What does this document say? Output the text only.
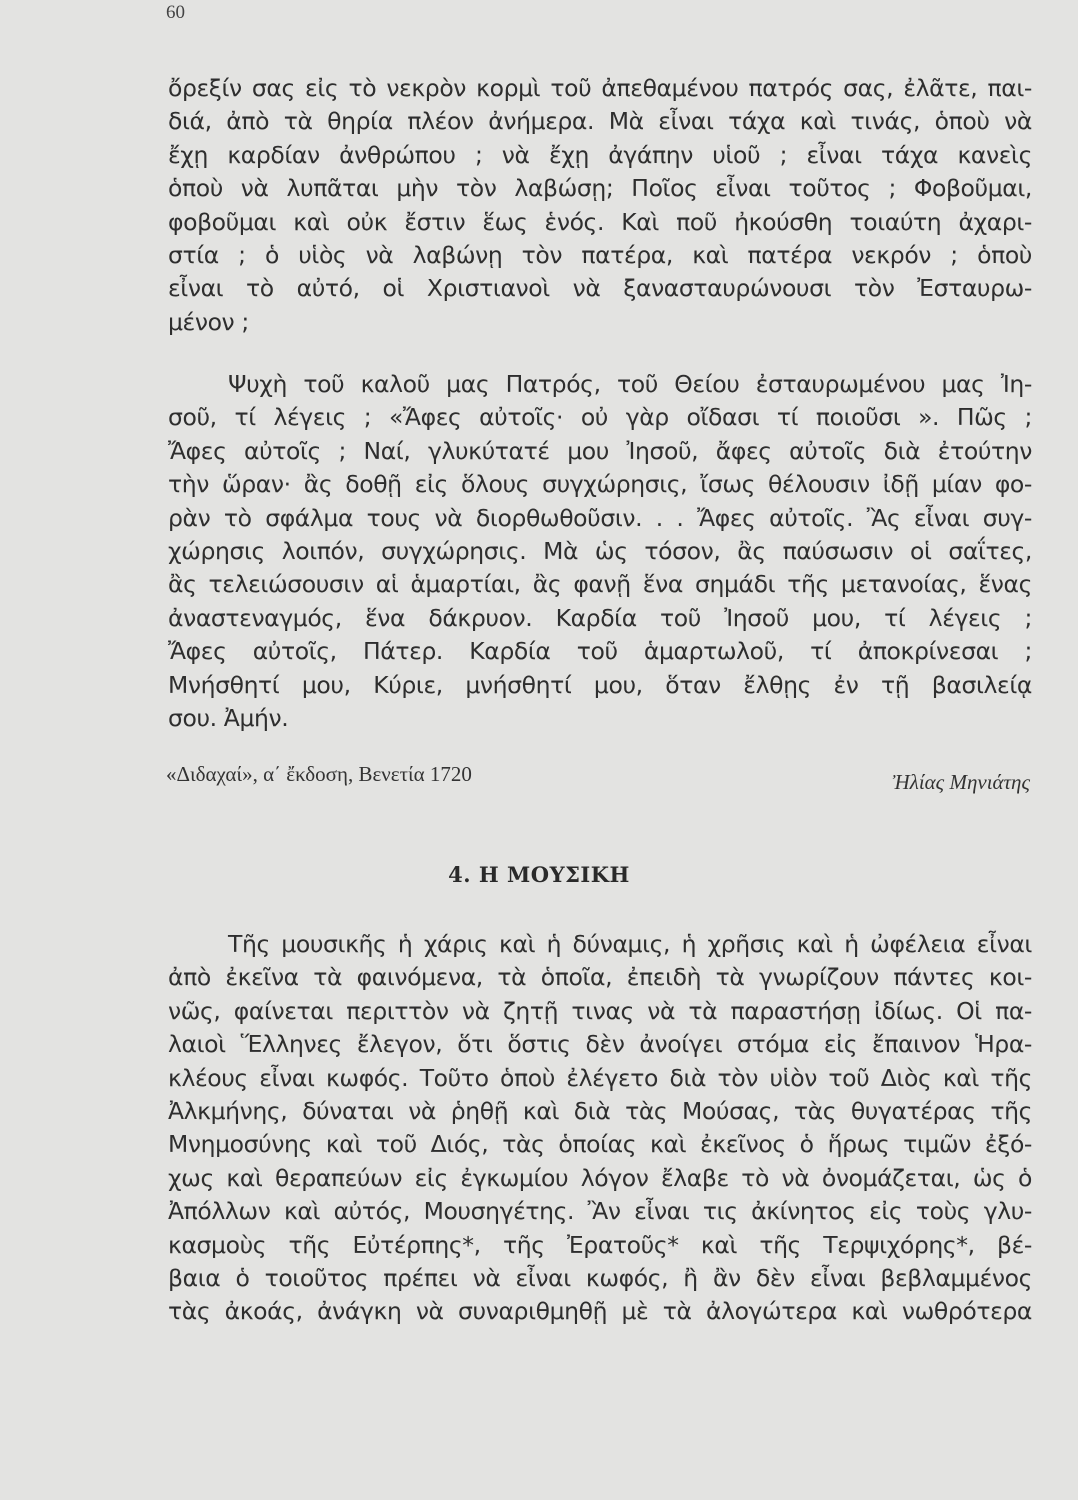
60
ὄρεξίν σας εἰς τὸ νεκρὸν κορμὶ τοῦ ἀπεθαμένου πατρός σας, ἐλᾶτε, παι-
διά, ἀπὸ τὰ θηρία πλέον ἀνήμερα. Μὰ εἶναι τάχα καὶ τινάς, ὁποὺ νὰ
ἔχῃ καρδίαν ἀνθρώπου ; νὰ ἔχῃ ἀγάπην υἱοῦ ; εἶναι τάχα κανεὶς
ὁποὺ νὰ λυπᾶται μὴν τὸν λαβώσῃ; Ποῖος εἶναι τοῦτος ; Φοβοῦμαι,
φοβοῦμαι καὶ οὐκ ἔστιν ἕως ἑνός. Καὶ ποῦ ἠκούσθη τοιαύτη ἀχαρι-
στία ; ὁ υἱὸς νὰ λαβώνῃ τὸν πατέρα, καὶ πατέρα νεκρόν ; ὁποὺ
εἶναι τὸ αὐτό, οἱ Χριστιανοὶ νὰ ξανασταυρώνουσι τὸν Ἐσταυρω-
μένον ;
Ψυχὴ τοῦ καλοῦ μας Πατρός, τοῦ Θείου ἐσταυρωμένου μας Ἰη-
σοῦ, τί λέγεις ; «Ἄφες αὐτοῖς· οὐ γὰρ οἴδασι τί ποιοῦσι ». Πῶς ;
Ἄφες αὐτοῖς ; Ναί, γλυκύτατέ μου Ἰησοῦ, ἄφες αὐτοῖς διὰ ἐτούτην
τὴν ὥραν· ἂς δοθῇ εἰς ὅλους συγχώρησις, ἴσως θέλουσιν ἰδῇ μίαν φο-
ρὰν τὸ σφάλμα τους νὰ διορθωθοῦσιν. . . Ἄφες αὐτοῖς. Ἂς εἶναι συγ-
χώρησις λοιπόν, συγχώρησις. Μὰ ὡς τόσον, ἂς παύσωσιν οἱ σαΐτες,
ἂς τελειώσουσιν αἱ ἁμαρτίαι, ἂς φανῇ ἕνα σημάδι τῆς μετανοίας, ἕνας
ἀναστεναγμός, ἕνα δάκρυον. Καρδία τοῦ Ἰησοῦ μου, τί λέγεις ;
Ἄφες αὐτοῖς, Πάτερ. Καρδία τοῦ ἁμαρτωλοῦ, τί ἀποκρίνεσαι ;
Μνήσθητί μου, Κύριε, μνήσθητί μου, ὅταν ἔλθῃς ἐν τῇ βασιλείᾳ
σου. Ἀμήν.
«Διδαχαί», α΄ ἔκδοση, Βενετία 1720	Ἠλίας Μηνιάτης
4. Η ΜΟΥΣΙΚΗ
Τῆς μουσικῆς ἡ χάρις καὶ ἡ δύναμις, ἡ χρῆσις καὶ ἡ ὠφέλεια εἶναι
ἀπὸ ἐκεῖνα τὰ φαινόμενα, τὰ ὁποῖα, ἐπειδὴ τὰ γνωρίζουν πάντες κοι-
νῶς, φαίνεται περιττὸν νὰ ζητῇ τινας νὰ τὰ παραστήσῃ ἰδίως. Οἱ πα-
λαιοὶ Ἕλληνες ἔλεγον, ὅτι ὅστις δὲν ἀνοίγει στόμα εἰς ἔπαινον Ἡρα-
κλέους εἶναι κωφός. Τοῦτο ὁποὺ ἐλέγετο διὰ τὸν υἱὸν τοῦ Διὸς καὶ τῆς
Ἀλκμήνης, δύναται νὰ ῥηθῇ καὶ διὰ τὰς Μούσας, τὰς θυγατέρας τῆς
Μνημοσύνης καὶ τοῦ Διός, τὰς ὁποίας καὶ ἐκεῖνος ὁ ἥρως τιμῶν ἐξό-
χως καὶ θεραπεύων εἰς ἐγκωμίου λόγον ἔλαβε τὸ νὰ ὀνομάζεται, ὡς ὁ
Ἀπόλλων καὶ αὐτός, Μουσηγέτης. Ἂν εἶναι τις ἀκίνητος εἰς τοὺς γλυ-
κασμοὺς τῆς Εὐτέρπης*, τῆς Ἐρατοῦς* καὶ τῆς Τερψιχόρης*, βέ-
βαια ὁ τοιοῦτος πρέπει νὰ εἶναι κωφός, ἢ ἂν δὲν εἶναι βεβλαμμένος
τὰς ἀκοάς, ἀνάγκη νὰ συναριθμηθῇ μὲ τὰ ἀλογώτερα καὶ νωθρότερα
